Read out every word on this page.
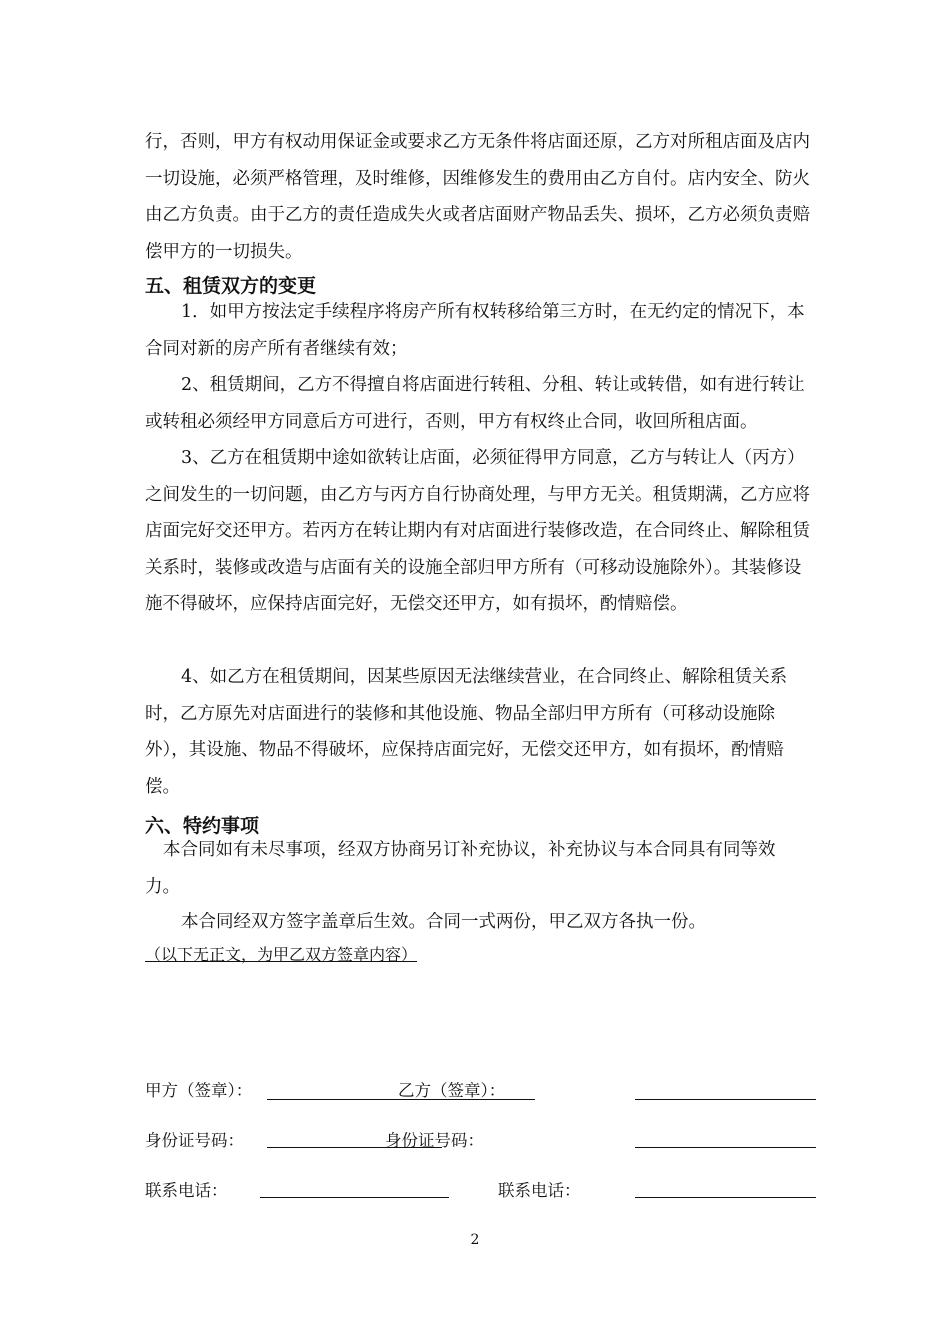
行，否则，甲方有权动用保证金或要求乙方无条件将店面还原，乙方对所租店面及店内一切设施，必须严格管理，及时维修，因维修发生的费用由乙方自付。店内安全、防火由乙方负责。由于乙方的责任造成失火或者店面财产物品丢失、损坏，乙方必须负责赔偿甲方的一切损失。

五、租赁双方的变更

1．如甲方按法定手续程序将房产所有权转移给第三方时，在无约定的情况下，本合同对新的房产所有者继续有效；

2、租赁期间，乙方不得擅自将店面进行转租、分租、转让或转借，如有进行转让或转租必须经甲方同意后方可进行，否则，甲方有权终止合同，收回所租店面。

3、乙方在租赁期中途如欲转让店面，必须征得甲方同意，乙方与转让人（丙方）之间发生的一切问题，由乙方与丙方自行协商处理，与甲方无关。租赁期满，乙方应将店面完好交还甲方。若丙方在转让期内有对店面进行装修改造，在合同终止、解除租赁关系时，装修或改造与店面有关的设施全部归甲方所有（可移动设施除外）。其装修设施不得破坏，应保持店面完好，无偿交还甲方，如有损坏，酌情赔偿。

4、如乙方在租赁期间，因某些原因无法继续营业，在合同终止、解除租赁关系时，乙方原先对店面进行的装修和其他设施、物品全部归甲方所有（可移动设施除外），其设施、物品不得破坏，应保持店面完好，无偿交还甲方，如有损坏，酌情赔偿。

六、特约事项

本合同如有未尽事项，经双方协商另订补充协议，补充协议与本合同具有同等效力。

本合同经双方签字盖章后生效。合同一式两份，甲乙双方各执一份。

（以下无正文，为甲乙双方签章内容）

甲方（签章）：	乙方（签章）：
身份证号码：	身份证号码：
联系电话：	联系电话：
2
